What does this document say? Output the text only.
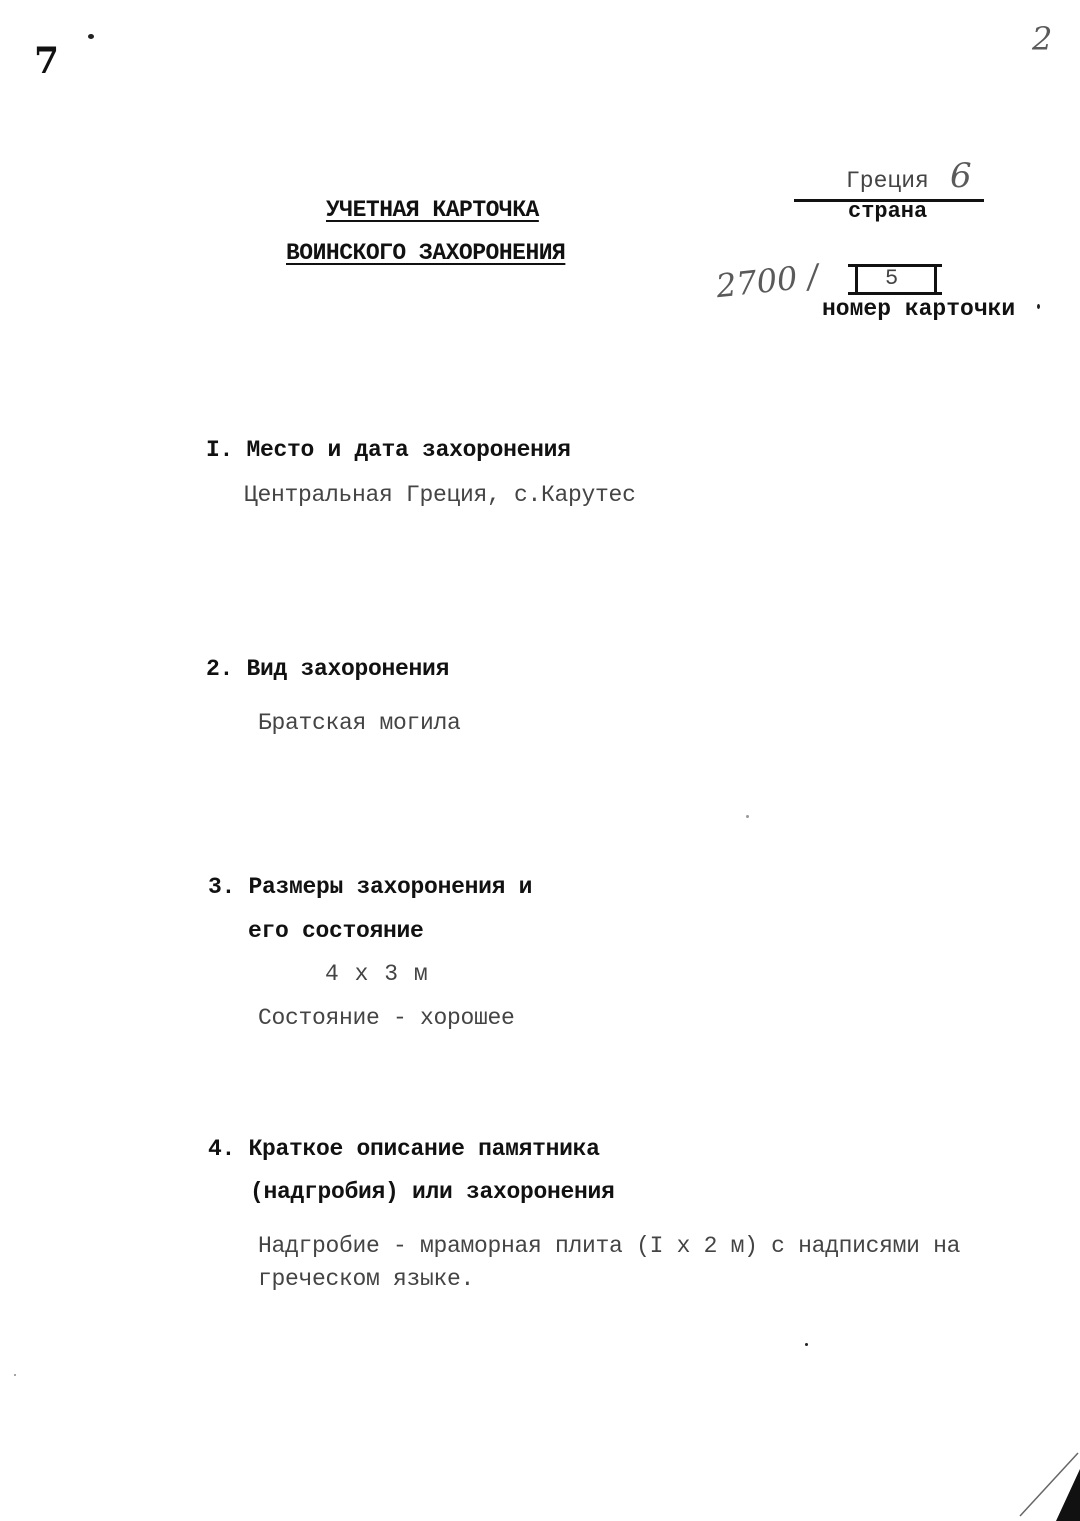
7
2
УЧЕТНАЯ КАРТОЧКА
ВОИНСКОГО ЗАХОРОНЕНИЯ
Греция 6
страна
2700 /	5
номер карточки
I. Место и дата захоронения
Центральная Греция, с.Карутес
2. Вид захоронения
Братская могила
3. Размеры захоронения и
его состояние
4 x 3 м
Состояние - хорошее
4. Краткое описание памятника
(надгробия) или захоронения
Надгробие - мраморная плита (I x 2 м) с надписями на
греческом языке.
